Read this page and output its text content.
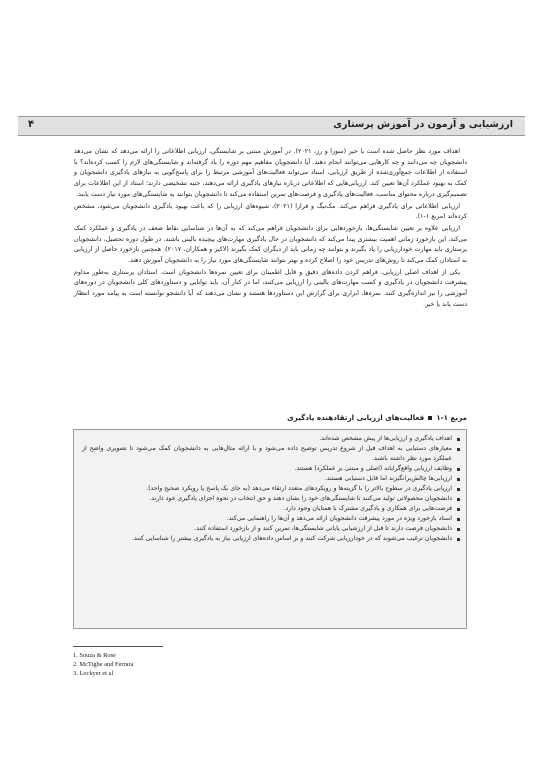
۴	ارزشیابی و آزمون در آموزش پرستاری

اهداف مورد نظر حاصل شده است یا خیر (سوزا و رز، ۲۰۲۱). در آموزش مبتنی بر شایستگی، ارزیابی اطلاعاتی را ارائه می‌دهد که نشان می‌دهد دانشجویان چه می‌دانند و چه کارهایی می‌توانند انجام دهند. آیا دانشجویان مفاهیم مهم دوره را یاد گرفته‌اند و شایستگی‌های لازم را کسب کرده‌اند؟ با استفاده از اطلاعات جمع‌آوری‌شده از طریق ارزیابی، استاد می‌تواند فعالیت‌های آموزشی مرتبط را برای پاسخ‌گویی به نیازهای یادگیری دانشجویان و کمک به بهبود عملکرد آن‌ها تعیین کند. ارزیابی‌هایی که اطلاعاتی درباره نیازهای یادگیری ارائه می‌دهند، جنبه تشخیصی دارند؛ استاد از این اطلاعات برای تصمیم‌گیری درباره محتوای مناسب، فعالیت‌های یادگیری و فرصت‌های تمرین استفاده می‌کند تا دانشجویان بتوانند به شایستگی‌های مورد نیاز دست یابند.

ارزیابی اطلاعاتی برای یادگیری فراهم می‌کند. مک‌تیگ و فرارا (۲۰۲۱)، شیوه‌های ارزیابی را که باعث بهبود یادگیری دانشجویان می‌شود، مشخص کرده‌اند (مربع ۱-۱).

ارزیابی علاوه بر تعیین شایستگی‌ها، بازخوردهایی برای دانشجویان فراهم می‌کند که به آن‌ها در شناسایی نقاط ضعف در یادگیری و عملکرد کمک می‌کند. این بازخورد زمانی اهمیت بیشتری پیدا می‌کند که دانشجویان در حال یادگیری مهارت‌های پیچیده بالینی باشند. در طول دوره تحصیل، دانشجویان پرستاری باید مهارت خودارزیابی را یاد بگیرند و بتوانند چه زمانی باید از دیگران کمک بگیرند (لاکیر و همکاران، ۲۰۱۷). همچنین بازخورد حاصل از ارزیابی به استادان کمک می‌کند تا روش‌های تدریس خود را اصلاح کرده و بهتر بتوانند شایستگی‌های مورد نیاز را به دانشجویان آموزش دهند.

یکی از اهداف اصلی ارزیابی، فراهم کردن داده‌های دقیق و قابل اطمینان برای تعیین نمره‌ها دانشجویان است. استادان پرستاری به‌طور مداوم پیشرفت دانشجویان در یادگیری و کسب مهارت‌های بالینی را ارزیابی می‌کنند، اما در کنار آن، باید توانایی و دستاوردهای کلی دانشجویان در دوره‌های آموزشی را نیز اندازه‌گیری کنند. نمره‌ها، ابزاری برای گزارش این دستاوردها هستند و نشان می‌دهند که آیا دانشجو توانسته است به پیامد مورد انتظار دست یابد یا خیر.

مربع ۱-۱فعالیت‌های ارزیابی ارتقادهنده یادگیری
اهداف یادگیری و ارزیابی‌ها از پیش مشخص شده‌اند.
معیارهای دستیابی به اهداف قبل از شروع تدریس توضیح داده می‌شود و با ارائه مثال‌هایی به دانشجویان کمک می‌شود تا تصویری واضح از عملکرد مورد نظر داشته باشند.
وظایف ارزیابی واقع‌گرایانه (اصلی و مبتنی بر عملکرد) هستند.
ارزیابی‌ها چالش‌برانگیزند اما قابل دستیابی هستند.
ارزیابی یادگیری در سطوح بالاتر را با گزینه‌ها و رویکردهای متعدد ارتقاء می‌دهد (به جای یک پاسخ یا رویکرد صحیح واحد).
دانشجویان محصولاتی تولید می‌کنند تا شایستگی‌های خود را نشان دهند و حق انتخاب در نحوه اجرای یادگیری خود دارند.
فرصت‌هایی برای همکاری و یادگیری مشترک با همتایان وجود دارد.
استاد بازخورد ویژه در مورد پیشرفت دانشجویان ارائه می‌دهد و آن‌ها را راهنمایی می‌کند.
دانشجویان فرصت دارند تا قبل از ارزشیابی پایانی شایستگی‌ها، تمرین کنند و از بازخورد استفاده کنند.
دانشجویان ترغیب می‌شوند که در خودارزیابی شرکت کنند و بر اساس داده‌های ارزیابی نیاز به یادگیری بیشتر را شناسایی کنند.
1. Souza & Rose
2. McTighe and Ferrara
3. Lockyer et al
